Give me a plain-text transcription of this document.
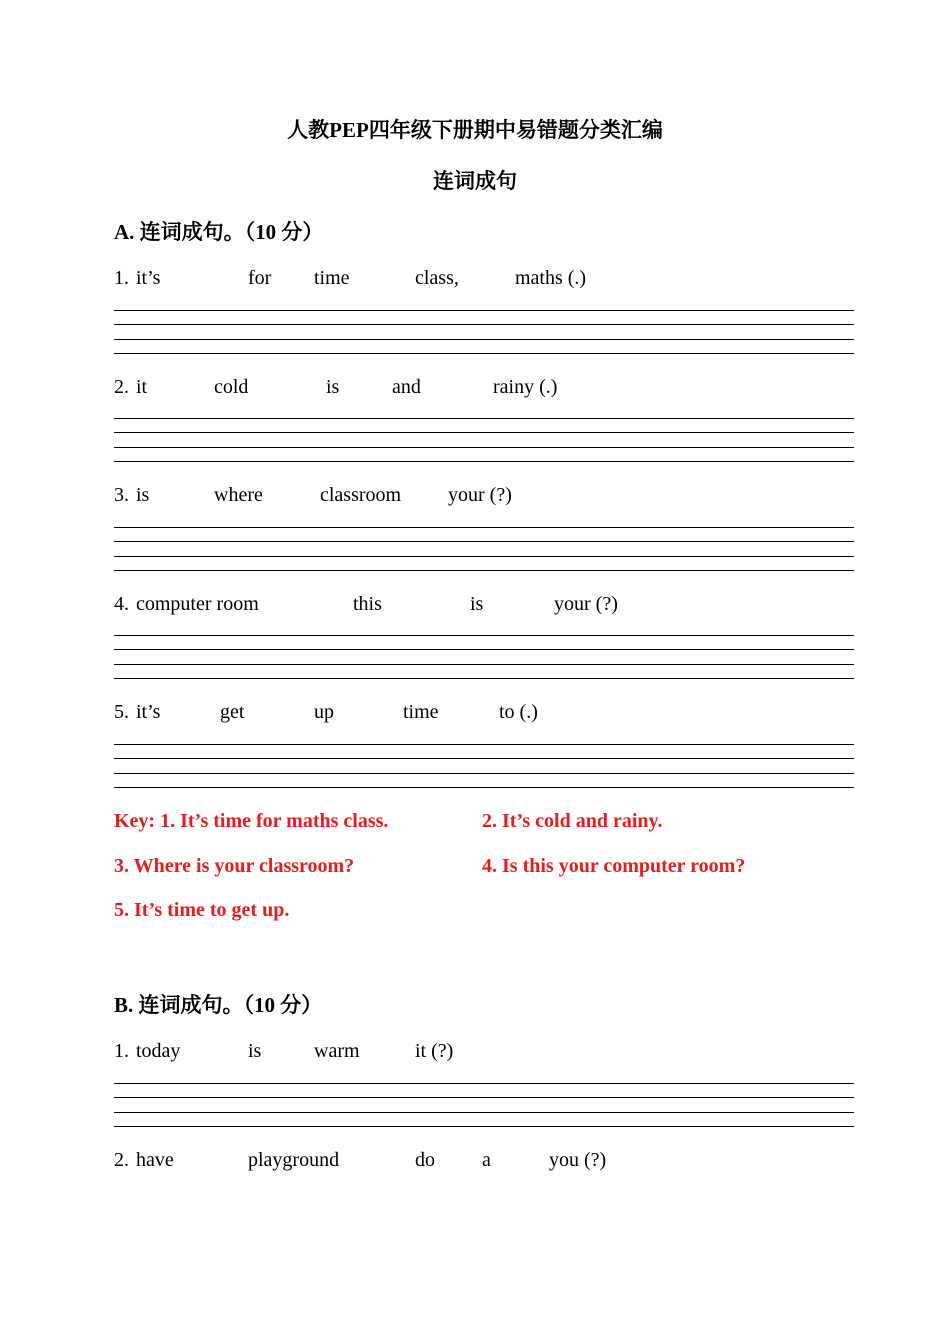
人教PEP四年级下册期中易错题分类汇编
连词成句
A. 连词成句。（10 分）
1. it’s	for time	class,	maths (.)
2. it	cold	is	and	rainy (.)
3. is	where	classroom your (?)
4. computer room	this	is	your (?)
5. it’s	get	up	time	to (.)
Key: 1. It’s time for maths class.	2. It’s cold and rainy.
3. Where is your classroom?	4. Is this your computer room?
5. It’s time to get up.
B. 连词成句。（10 分）
1. today	is	warm	it (?)
2. have	playground	do a	you (?)
